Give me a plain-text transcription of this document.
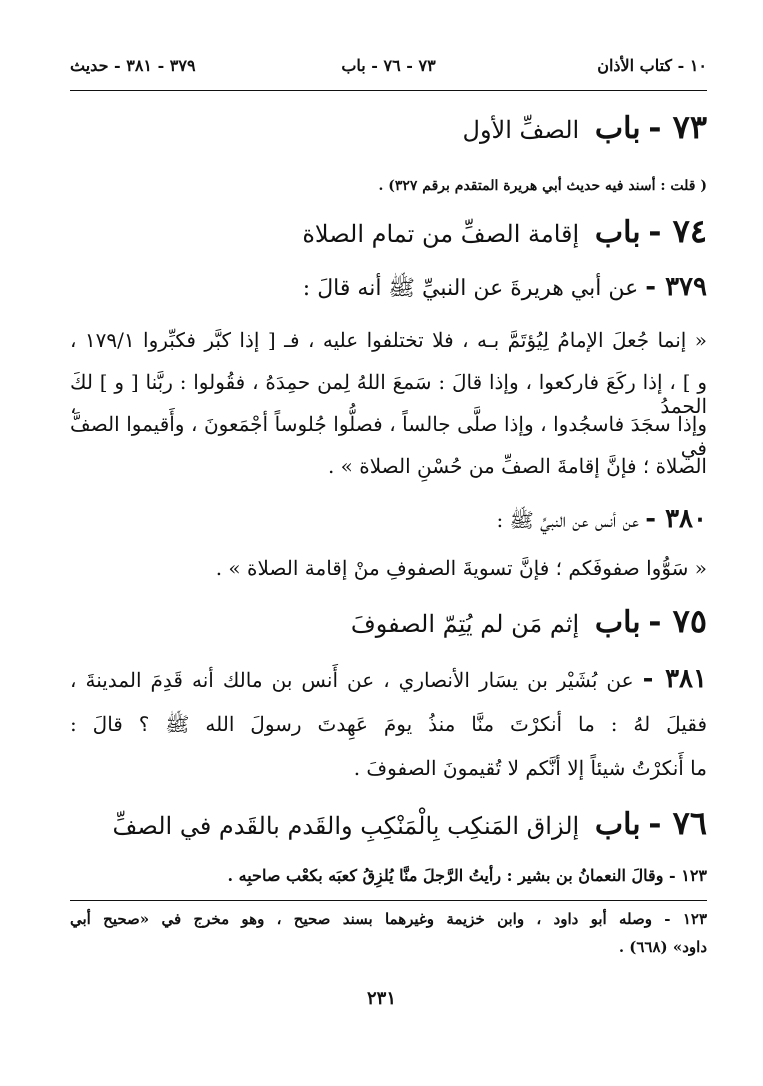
١٠ - كتاب الأذان
٧٣ - ٧٦ - باب
٣٧٩ - ٣٨١ - حديث
٧٣ - باب الصفِّ الأول
( قلت : أسند فيه حديث أبي هريرة المتقدم برقم ٣٢٧) .
٧٤ - باب إقامة الصفِّ من تمام الصلاة
٣٧٩ - عن أبي هريرةَ عن النبيِّ ﷺ أنه قالَ :
« إنما جُعلَ الإمامُ لِيُؤتَمَّ بـه ، فلا تختلفوا عليه ، فـ [ إذا كبَّر فكبِّروا ١٧٩/١ ،
و ] ، إذا ركَعَ فاركعوا ، وإذا قالَ : سَمعَ اللهُ لِمن حمِدَهُ ، فقُولوا : ربَّنا [ و ] لكَ الحمدُ ،
وإذا سجَدَ فاسجُدوا ، وإذا صلَّى جالساً ، فصلُّوا جُلوساً أجْمَعونَ ، وأَقيموا الصفَّ في
الصلاة ؛ فإنَّ إقامةَ الصفِّ من حُسْنِ الصلاة » .
٣٨٠ - عن أنس عن النبيِّ ﷺ :
« سَوُّوا صفوفَكم ؛ فإنَّ تسويةَ الصفوفِ منْ إقامة الصلاة » .
٧٥ - باب إثم مَن لم يُتِمّ الصفوفَ
٣٨١ - عن بُشَيْر بن يسَار الأنصاري ، عن أَنس بن مالك أنه قَدِمَ المدينةَ ،
فقيلَ لهُ : ما أنكرْتَ منَّا منذُ يومَ عَهِدتَ رسولَ الله ﷺ ؟ قالَ :
ما أَنكرْتُ شيئاً إلا أنَّكم لا تُقيمونَ الصفوفَ .
٧٦ - باب إلزاق المَنكِب بِالْمَنْكِبِ والقَدم بالقَدم في الصفِّ
١٢٣ - وقالَ النعمانُ بن بشير : رأيتُ الرَّجلَ منَّا يُلزِقُ كعبَه بكعْب صاحبِه .
١٢٣ - وصله أبو داود ، وابن خزيمة وغيرهما بسند صحيح ، وهو مخرج في «صحيح أبي
داود» (٦٦٨) .
٢٣١
